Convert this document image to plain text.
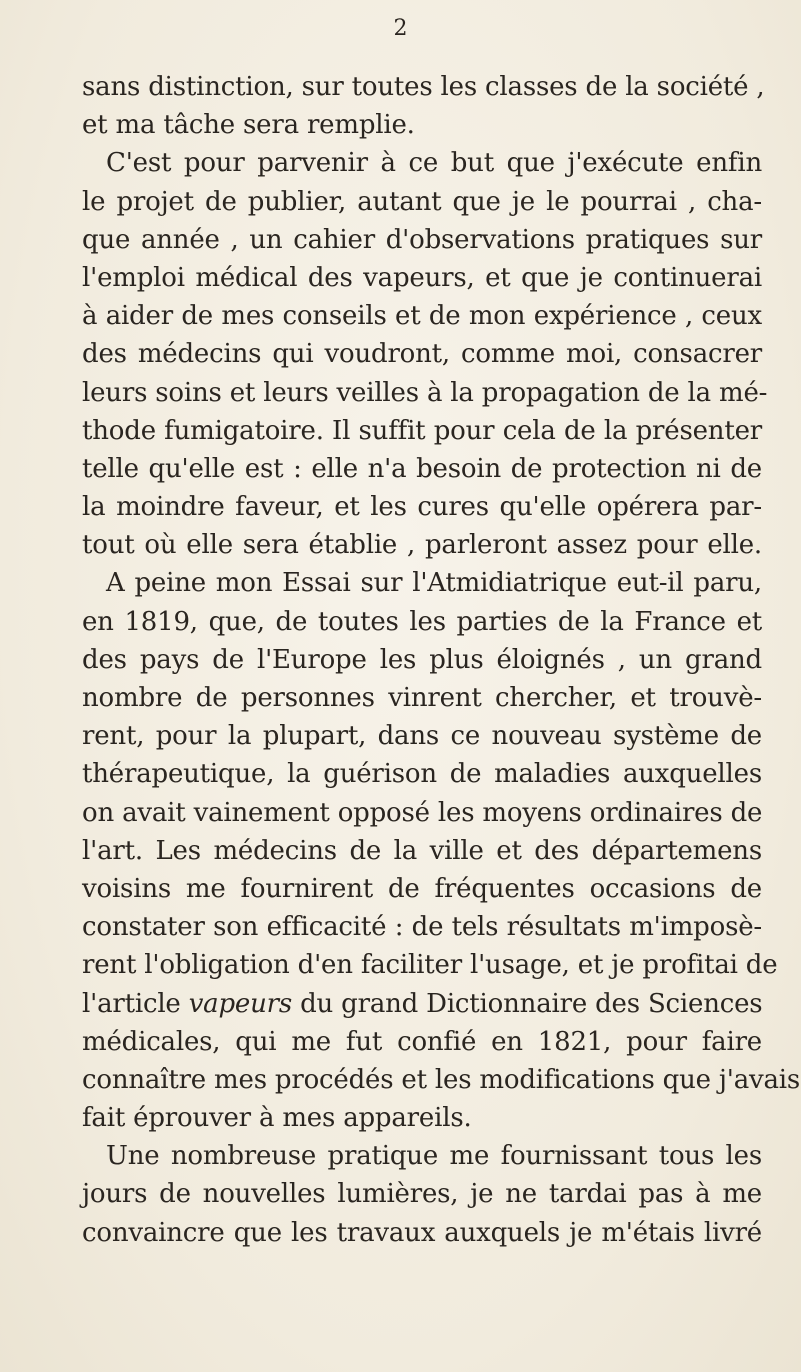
2
sans distinction, sur toutes les classes de la société ,
et ma tâche sera remplie.
C'est pour parvenir à ce but que j'exécute enfin
le projet de publier, autant que je le pourrai , cha-
que année , un cahier d'observations pratiques sur
l'emploi médical des vapeurs, et que je continuerai
à aider de mes conseils et de mon expérience , ceux
des médecins qui voudront, comme moi, consacrer
leurs soins et leurs veilles à la propagation de la mé-
thode fumigatoire. Il suffit pour cela de la présenter
telle qu'elle est : elle n'a besoin de protection ni de
la moindre faveur, et les cures qu'elle opérera par-
tout où elle sera établie , parleront assez pour elle.
A peine mon Essai sur l'Atmidiatrique eut-il paru,
en 1819, que, de toutes les parties de la France et
des pays de l'Europe les plus éloignés , un grand
nombre de personnes vinrent chercher, et trouvè-
rent, pour la plupart, dans ce nouveau système de
thérapeutique, la guérison de maladies auxquelles
on avait vainement opposé les moyens ordinaires de
l'art. Les médecins de la ville et des départemens
voisins me fournirent de fréquentes occasions de
constater son efficacité : de tels résultats m'imposè-
rent l'obligation d'en faciliter l'usage, et je profitai de
l'article vapeurs du grand Dictionnaire des Sciences
médicales, qui me fut confié en 1821, pour faire
connaître mes procédés et les modifications que j'avais
fait éprouver à mes appareils.
Une nombreuse pratique me fournissant tous les
jours de nouvelles lumières, je ne tardai pas à me
convaincre que les travaux auxquels je m'étais livré
